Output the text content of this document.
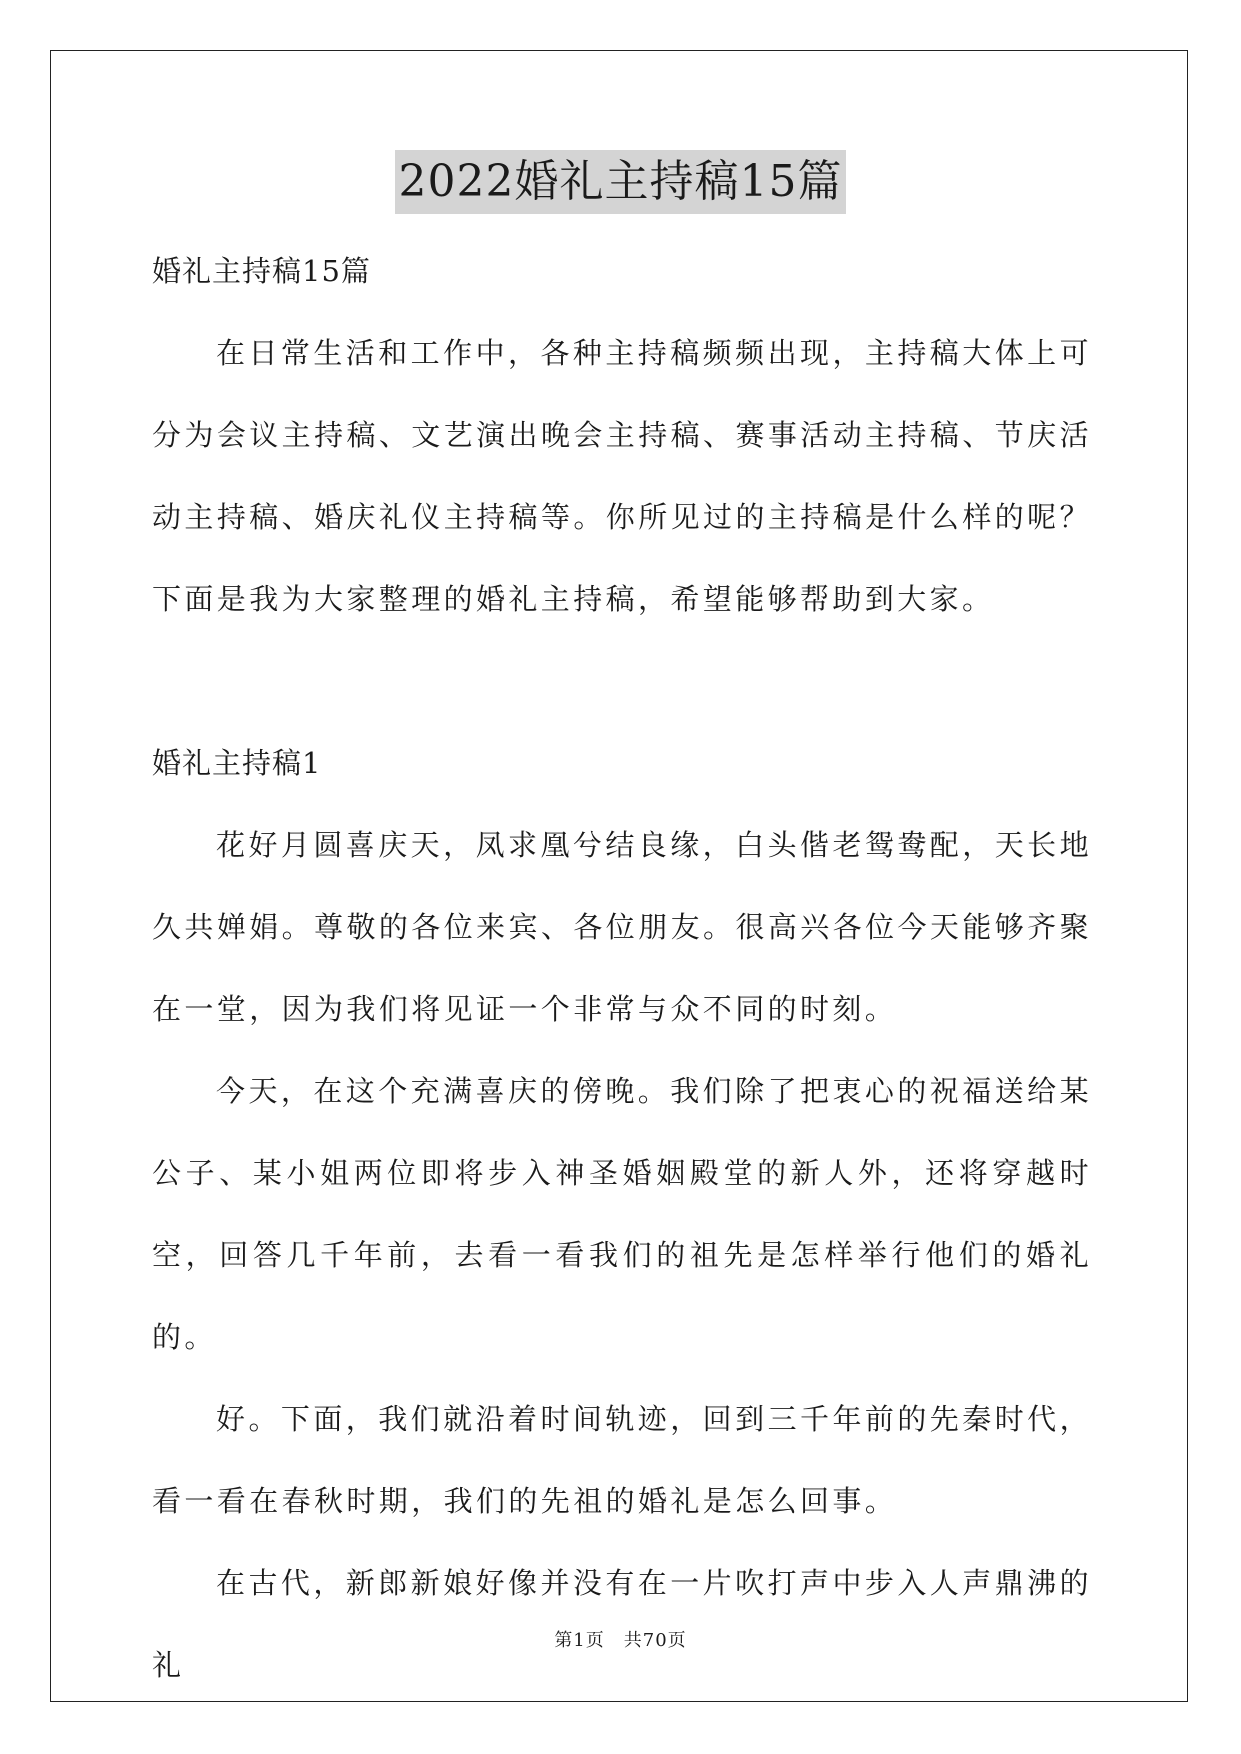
2022婚礼主持稿15篇

婚礼主持稿15篇

在日常生活和工作中，各种主持稿频频出现，主持稿大体上可分为会议主持稿、文艺演出晚会主持稿、赛事活动主持稿、节庆活动主持稿、婚庆礼仪主持稿等。你所见过的主持稿是什么样的呢？下面是我为大家整理的婚礼主持稿，希望能够帮助到大家。

婚礼主持稿1

花好月圆喜庆天，凤求凰兮结良缘，白头偕老鸳鸯配，天长地久共婵娟。尊敬的各位来宾、各位朋友。很高兴各位今天能够齐聚在一堂，因为我们将见证一个非常与众不同的时刻。

今天，在这个充满喜庆的傍晚。我们除了把衷心的祝福送给某公子、某小姐两位即将步入神圣婚姻殿堂的新人外，还将穿越时空，回答几千年前，去看一看我们的祖先是怎样举行他们的婚礼的。

好。下面，我们就沿着时间轨迹，回到三千年前的先秦时代，看一看在春秋时期，我们的先祖的婚礼是怎么回事。

在古代，新郎新娘好像并没有在一片吹打声中步入人声鼎沸的礼

第1页　共70页
